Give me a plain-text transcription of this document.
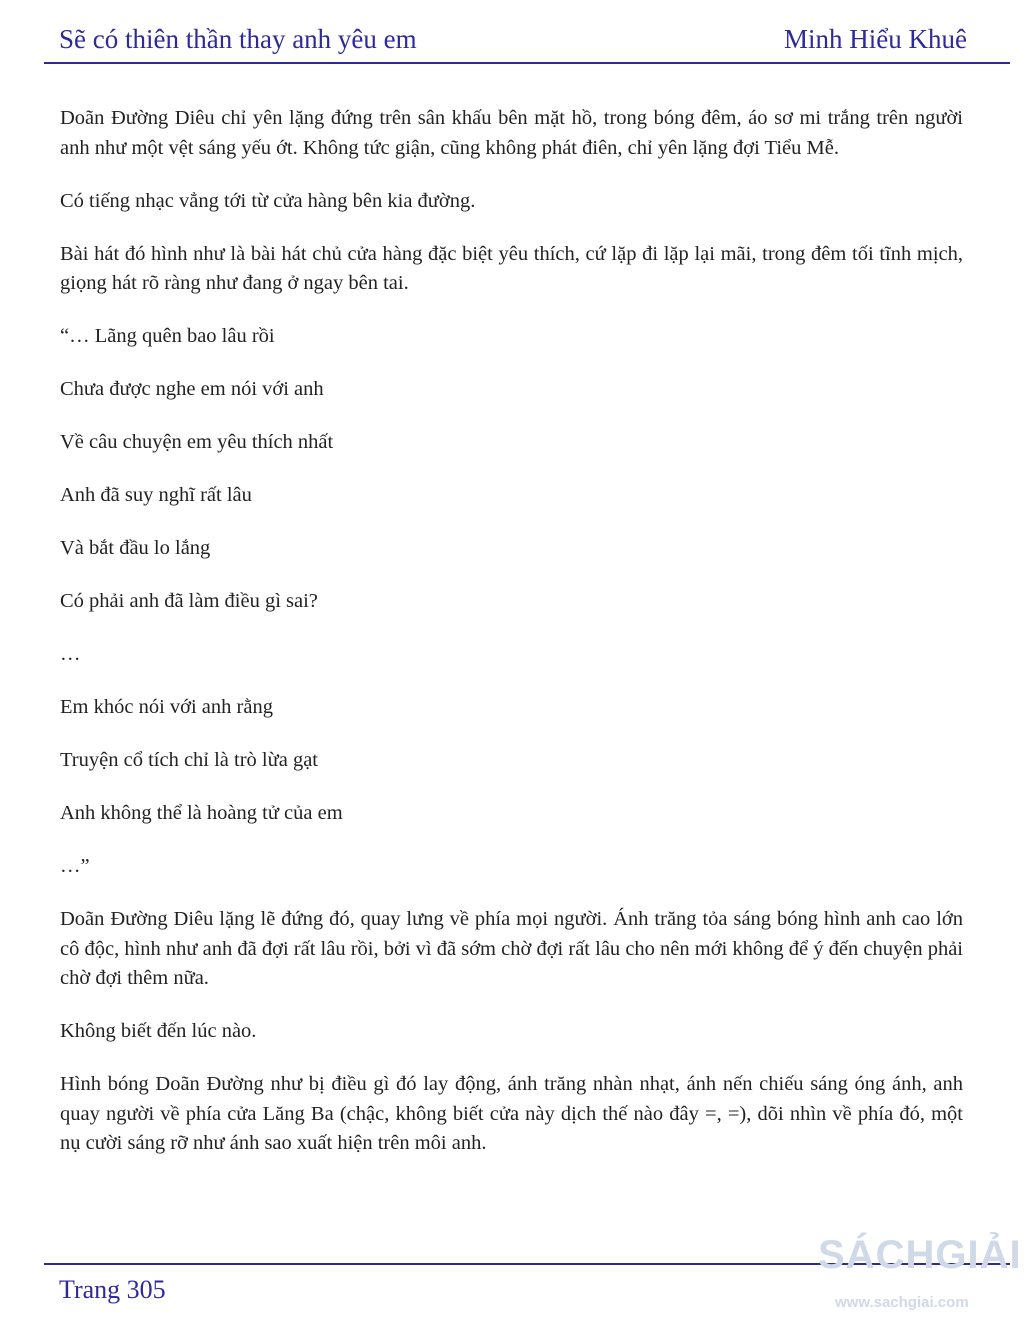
Sẽ có thiên thần thay anh yêu em	Minh Hiểu Khuê

Doãn Đường Diêu chỉ yên lặng đứng trên sân khấu bên mặt hồ, trong bóng đêm, áo sơ mi trắng trên người anh như một vệt sáng yếu ớt. Không tức giận, cũng không phát điên, chỉ yên lặng đợi Tiểu Mễ.

Có tiếng nhạc vẳng tới từ cửa hàng bên kia đường.

Bài hát đó hình như là bài hát chủ cửa hàng đặc biệt yêu thích, cứ lặp đi lặp lại mãi, trong đêm tối tĩnh mịch, giọng hát rõ ràng như đang ở ngay bên tai.

“… Lãng quên bao lâu rồi

Chưa được nghe em nói với anh

Về câu chuyện em yêu thích nhất

Anh đã suy nghĩ rất lâu

Và bắt đầu lo lắng

Có phải anh đã làm điều gì sai?

…

Em khóc nói với anh rằng

Truyện cổ tích chỉ là trò lừa gạt

Anh không thể là hoàng tử của em

…”

Doãn Đường Diêu lặng lẽ đứng đó, quay lưng về phía mọi người. Ánh trăng tỏa sáng bóng hình anh cao lớn cô độc, hình như anh đã đợi rất lâu rồi, bởi vì đã sớm chờ đợi rất lâu cho nên mới không để ý đến chuyện phải chờ đợi thêm nữa.

Không biết đến lúc nào.

Hình bóng Doãn Đường như bị điều gì đó lay động, ánh trăng nhàn nhạt, ánh nến chiếu sáng óng ánh, anh quay người về phía cửa Lăng Ba (chậc, không biết cửa này dịch thế nào đây =, =), dõi nhìn về phía đó, một nụ cười sáng rỡ như ánh sao xuất hiện trên môi anh.

Trang 305
SÁCHGIẢI
www.sachgiai.com
